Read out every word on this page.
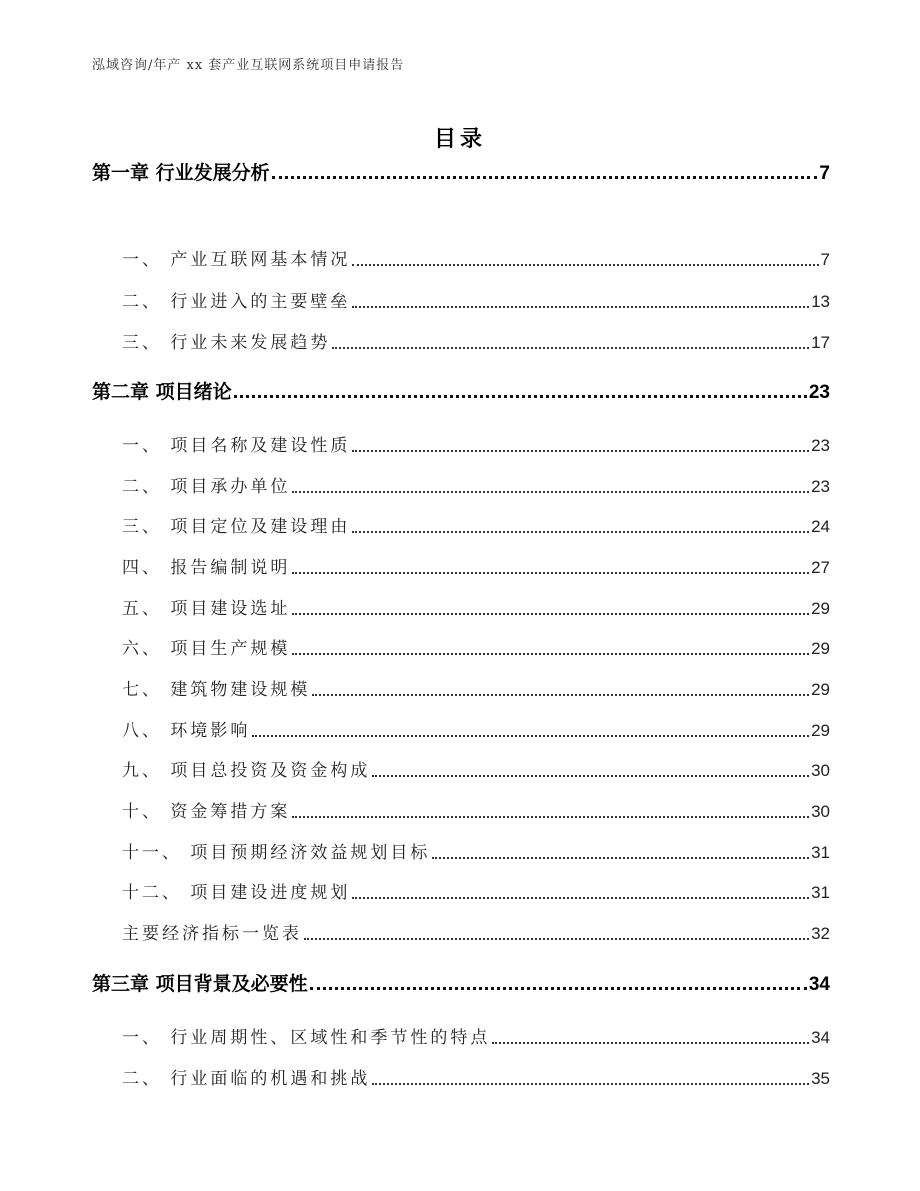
泓域咨询/年产 xx 套产业互联网系统项目申请报告
目录
第一章 行业发展分析	7
一、 产业互联网基本情况	7
二、 行业进入的主要壁垒	13
三、 行业未来发展趋势	17
第二章 项目绪论	23
一、 项目名称及建设性质	23
二、 项目承办单位	23
三、 项目定位及建设理由	24
四、 报告编制说明	27
五、 项目建设选址	29
六、 项目生产规模	29
七、 建筑物建设规模	29
八、 环境影响	29
九、 项目总投资及资金构成	30
十、 资金筹措方案	30
十一、 项目预期经济效益规划目标	31
十二、 项目建设进度规划	31
主要经济指标一览表	32
第三章 项目背景及必要性	34
一、 行业周期性、区域性和季节性的特点	34
二、 行业面临的机遇和挑战	35
